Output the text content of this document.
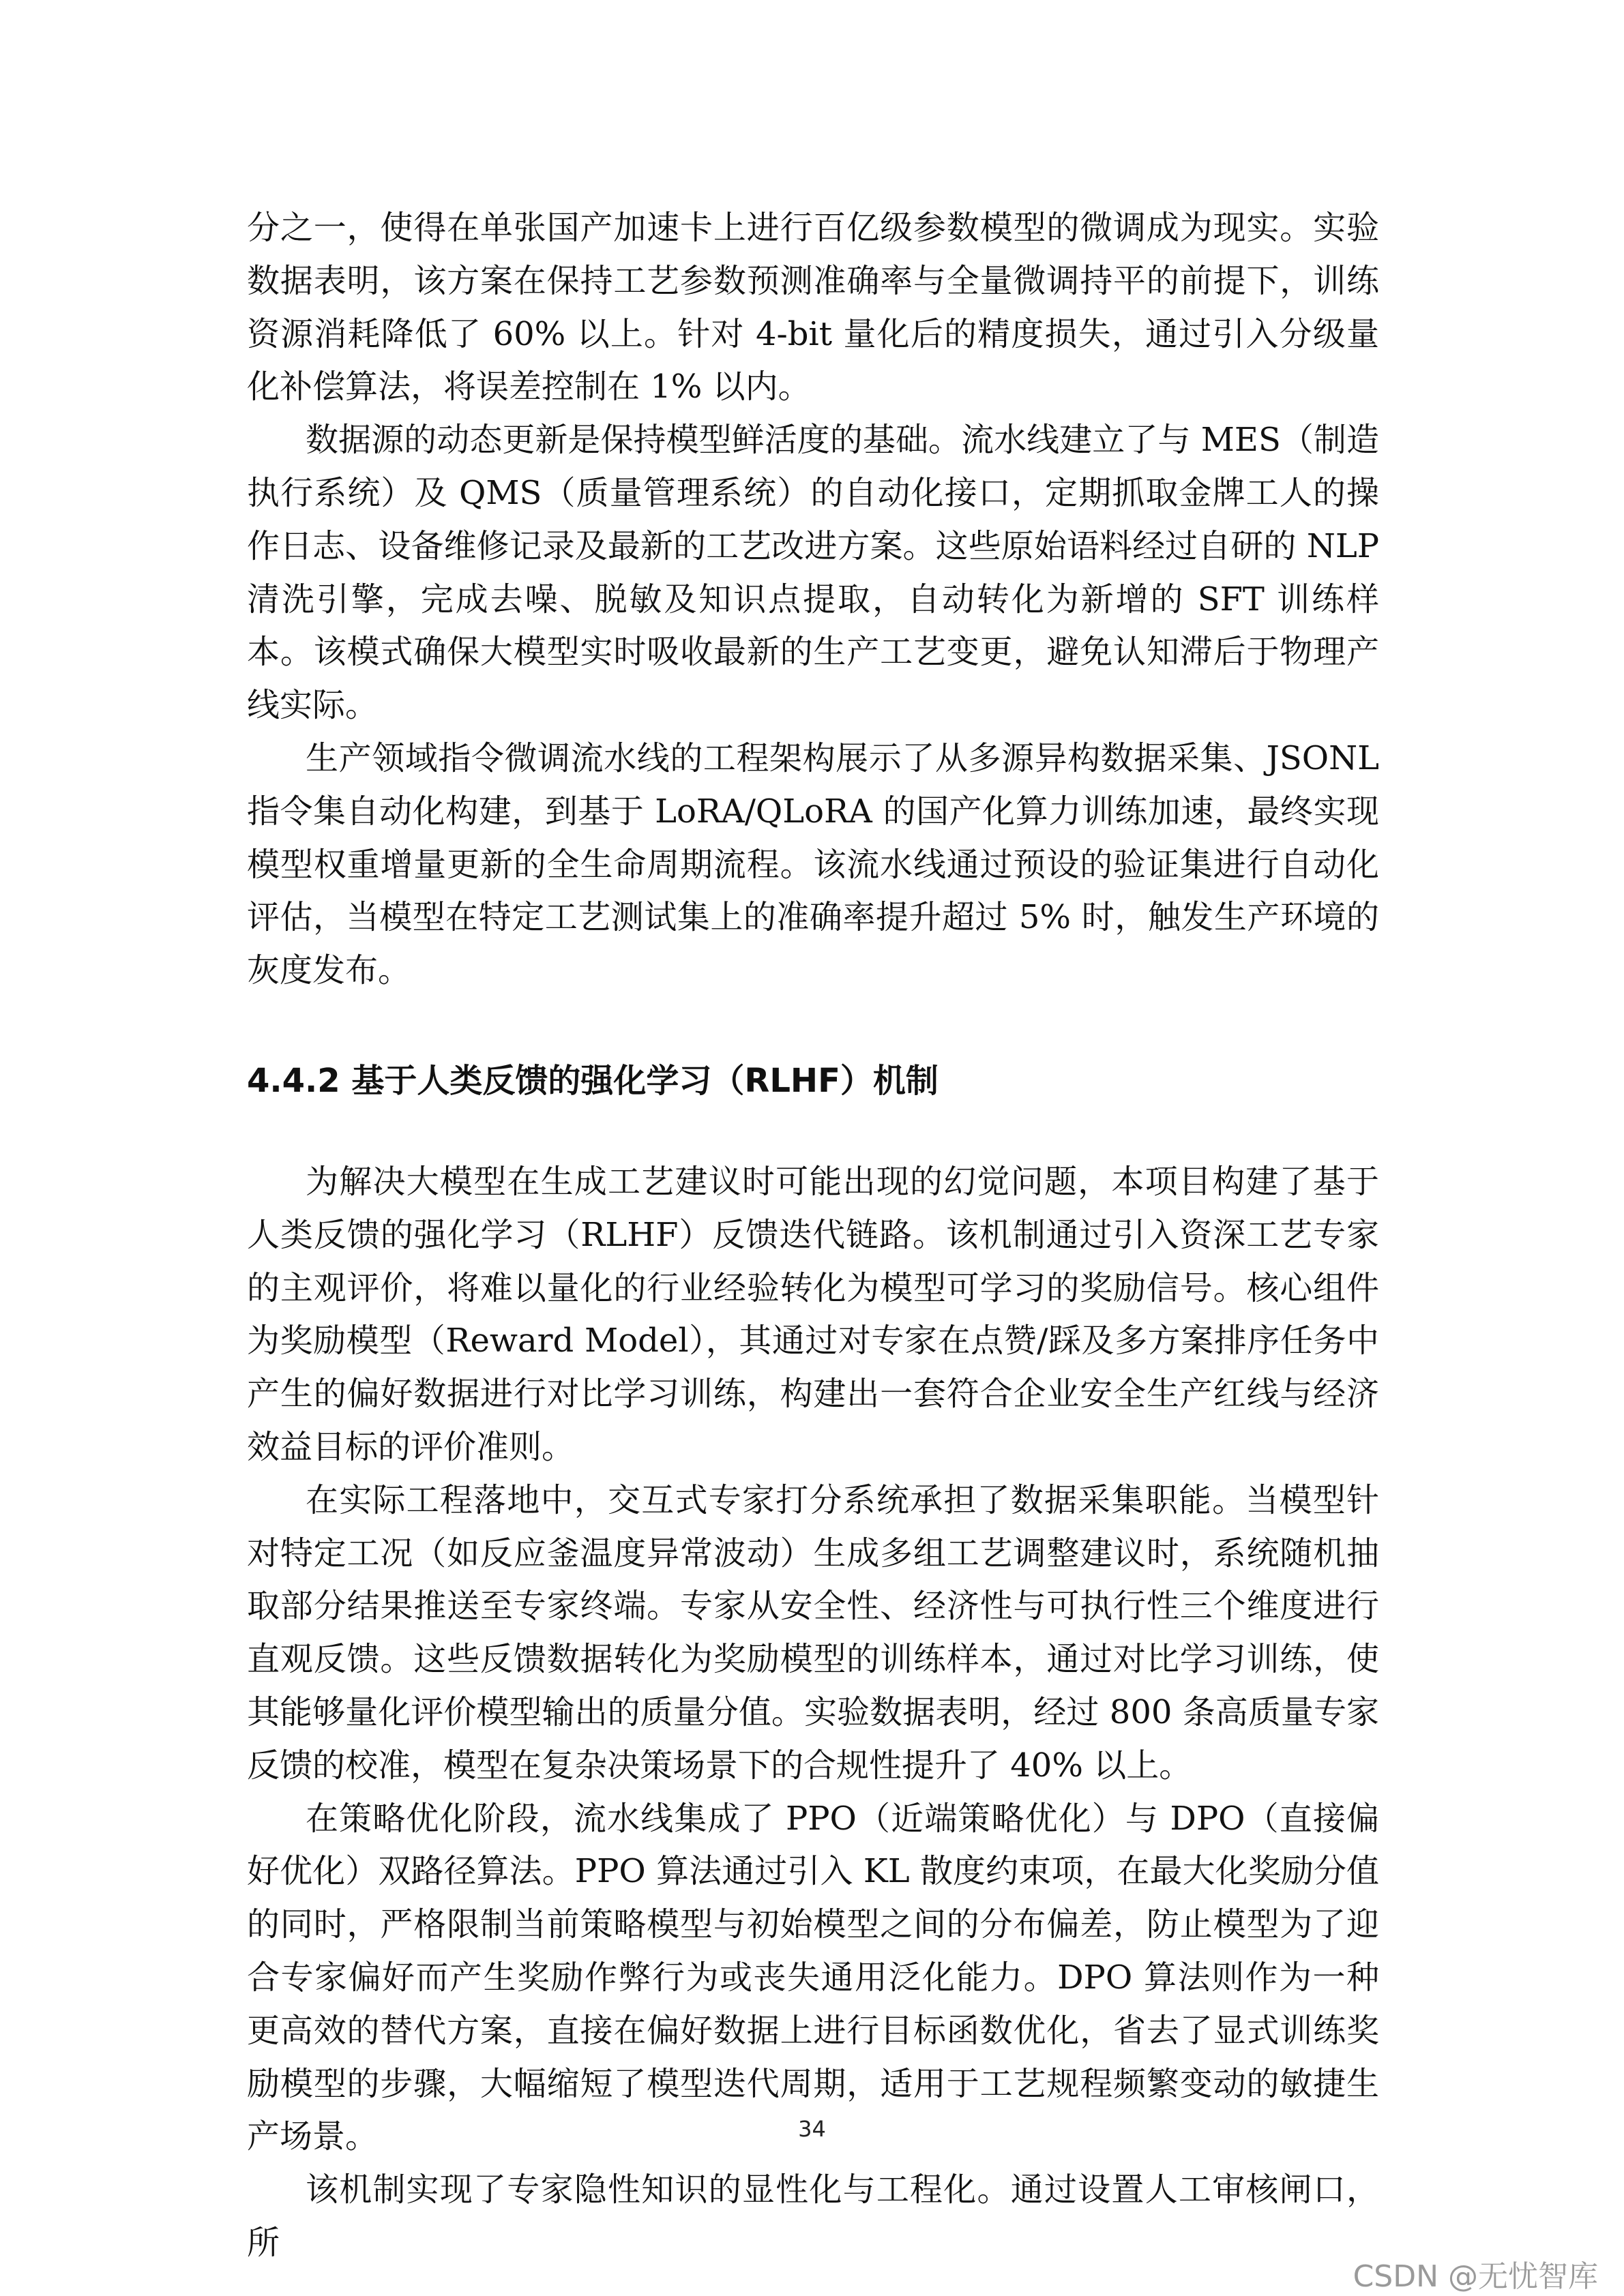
分之一，使得在单张国产加速卡上进行百亿级参数模型的微调成为现实。实验数据表明，该方案在保持工艺参数预测准确率与全量微调持平的前提下，训练资源消耗降低了 60% 以上。针对 4-bit 量化后的精度损失，通过引入分级量化补偿算法，将误差控制在 1% 以内。

数据源的动态更新是保持模型鲜活度的基础。流水线建立了与 MES（制造执行系统）及 QMS（质量管理系统）的自动化接口，定期抓取金牌工人的操作日志、设备维修记录及最新的工艺改进方案。这些原始语料经过自研的 NLP 清洗引擎，完成去噪、脱敏及知识点提取，自动转化为新增的 SFT 训练样本。该模式确保大模型实时吸收最新的生产工艺变更，避免认知滞后于物理产线实际。

生产领域指令微调流水线的工程架构展示了从多源异构数据采集、JSONL 指令集自动化构建，到基于 LoRA/QLoRA 的国产化算力训练加速，最终实现模型权重增量更新的全生命周期流程。该流水线通过预设的验证集进行自动化评估，当模型在特定工艺测试集上的准确率提升超过 5% 时，触发生产环境的灰度发布。

4.4.2 基于人类反馈的强化学习（RLHF）机制

为解决大模型在生成工艺建议时可能出现的幻觉问题，本项目构建了基于人类反馈的强化学习（RLHF）反馈迭代链路。该机制通过引入资深工艺专家的主观评价，将难以量化的行业经验转化为模型可学习的奖励信号。核心组件为奖励模型（Reward Model），其通过对专家在点赞/踩及多方案排序任务中产生的偏好数据进行对比学习训练，构建出一套符合企业安全生产红线与经济效益目标的评价准则。

在实际工程落地中，交互式专家打分系统承担了数据采集职能。当模型针对特定工况（如反应釜温度异常波动）生成多组工艺调整建议时，系统随机抽取部分结果推送至专家终端。专家从安全性、经济性与可执行性三个维度进行直观反馈。这些反馈数据转化为奖励模型的训练样本，通过对比学习训练，使其能够量化评价模型输出的质量分值。实验数据表明，经过 800 条高质量专家反馈的校准，模型在复杂决策场景下的合规性提升了 40% 以上。

在策略优化阶段，流水线集成了 PPO（近端策略优化）与 DPO（直接偏好优化）双路径算法。PPO 算法通过引入 KL 散度约束项，在最大化奖励分值的同时，严格限制当前策略模型与初始模型之间的分布偏差，防止模型为了迎合专家偏好而产生奖励作弊行为或丧失通用泛化能力。DPO 算法则作为一种更高效的替代方案，直接在偏好数据上进行目标函数优化，省去了显式训练奖励模型的步骤，大幅缩短了模型迭代周期，适用于工艺规程频繁变动的敏捷生产场景。

该机制实现了专家隐性知识的显性化与工程化。通过设置人工审核闸口，所

34
CSDN @无忧智库
